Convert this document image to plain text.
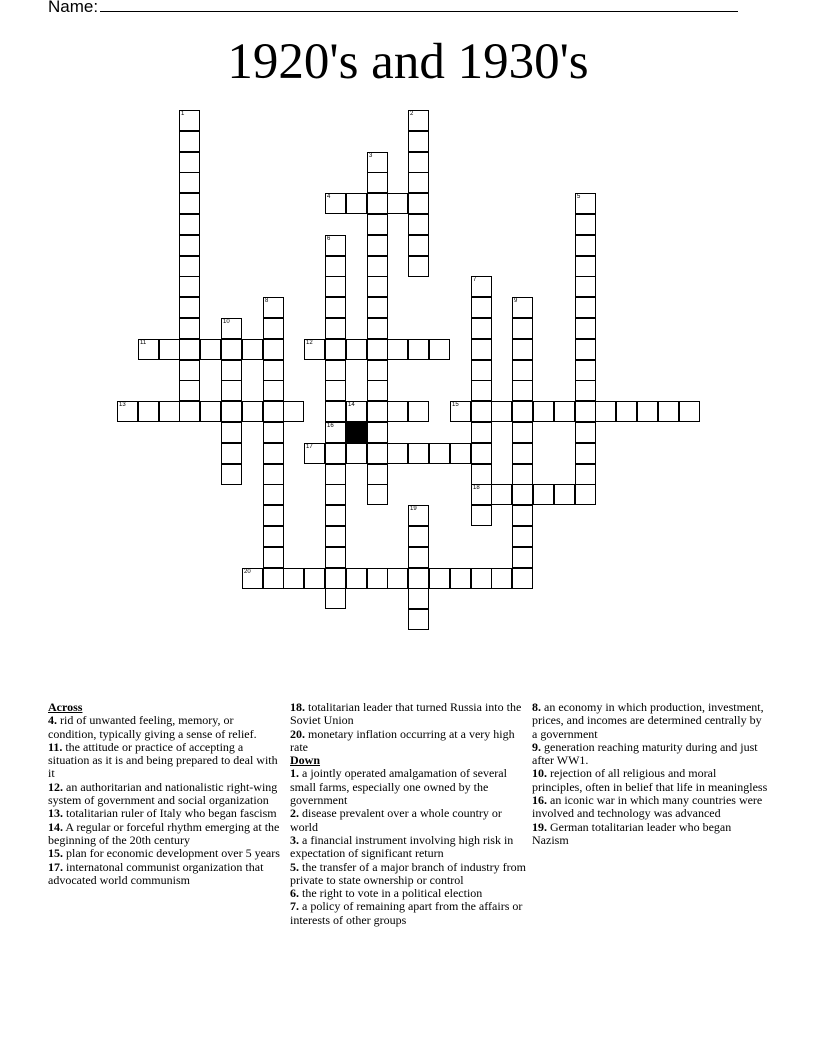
Name:
1920's and 1930's
1	2
3
4	5
6
16
7
18
8	9
10
11	12
13	14	15
17
19
20
Across

4. rid of unwanted feeling, memory, or condition, typically giving a sense of relief.

11. the attitude or practice of accepting a situation as it is and being prepared to deal with it

12. an authoritarian and nationalistic right-wing system of government and social organization

13. totalitarian ruler of Italy who began fascism

14. A regular or forceful rhythm emerging at the beginning of the 20th century

15. plan for economic development over 5 years

17. internatonal communist organization that advocated world communism

18. totalitarian leader that turned Russia into the Soviet Union

20. monetary inflation occurring at a very high rate

Down

1. a jointly operated amalgamation of several small farms, especially one owned by the government

2. disease prevalent over a whole country or world

3. a financial instrument involving high risk in expectation of significant return

5. the transfer of a major branch of industry from private to state ownership or control

6. the right to vote in a political election

7. a policy of remaining apart from the affairs or interests of other groups

8. an economy in which production, investment, prices, and incomes are determined centrally by a government

9. generation reaching maturity during and just after WW1.

10. rejection of all religious and moral principles, often in belief that life in meaningless

16. an iconic war in which many countries were involved and technology was advanced

19. German totalitarian leader who began Nazism
